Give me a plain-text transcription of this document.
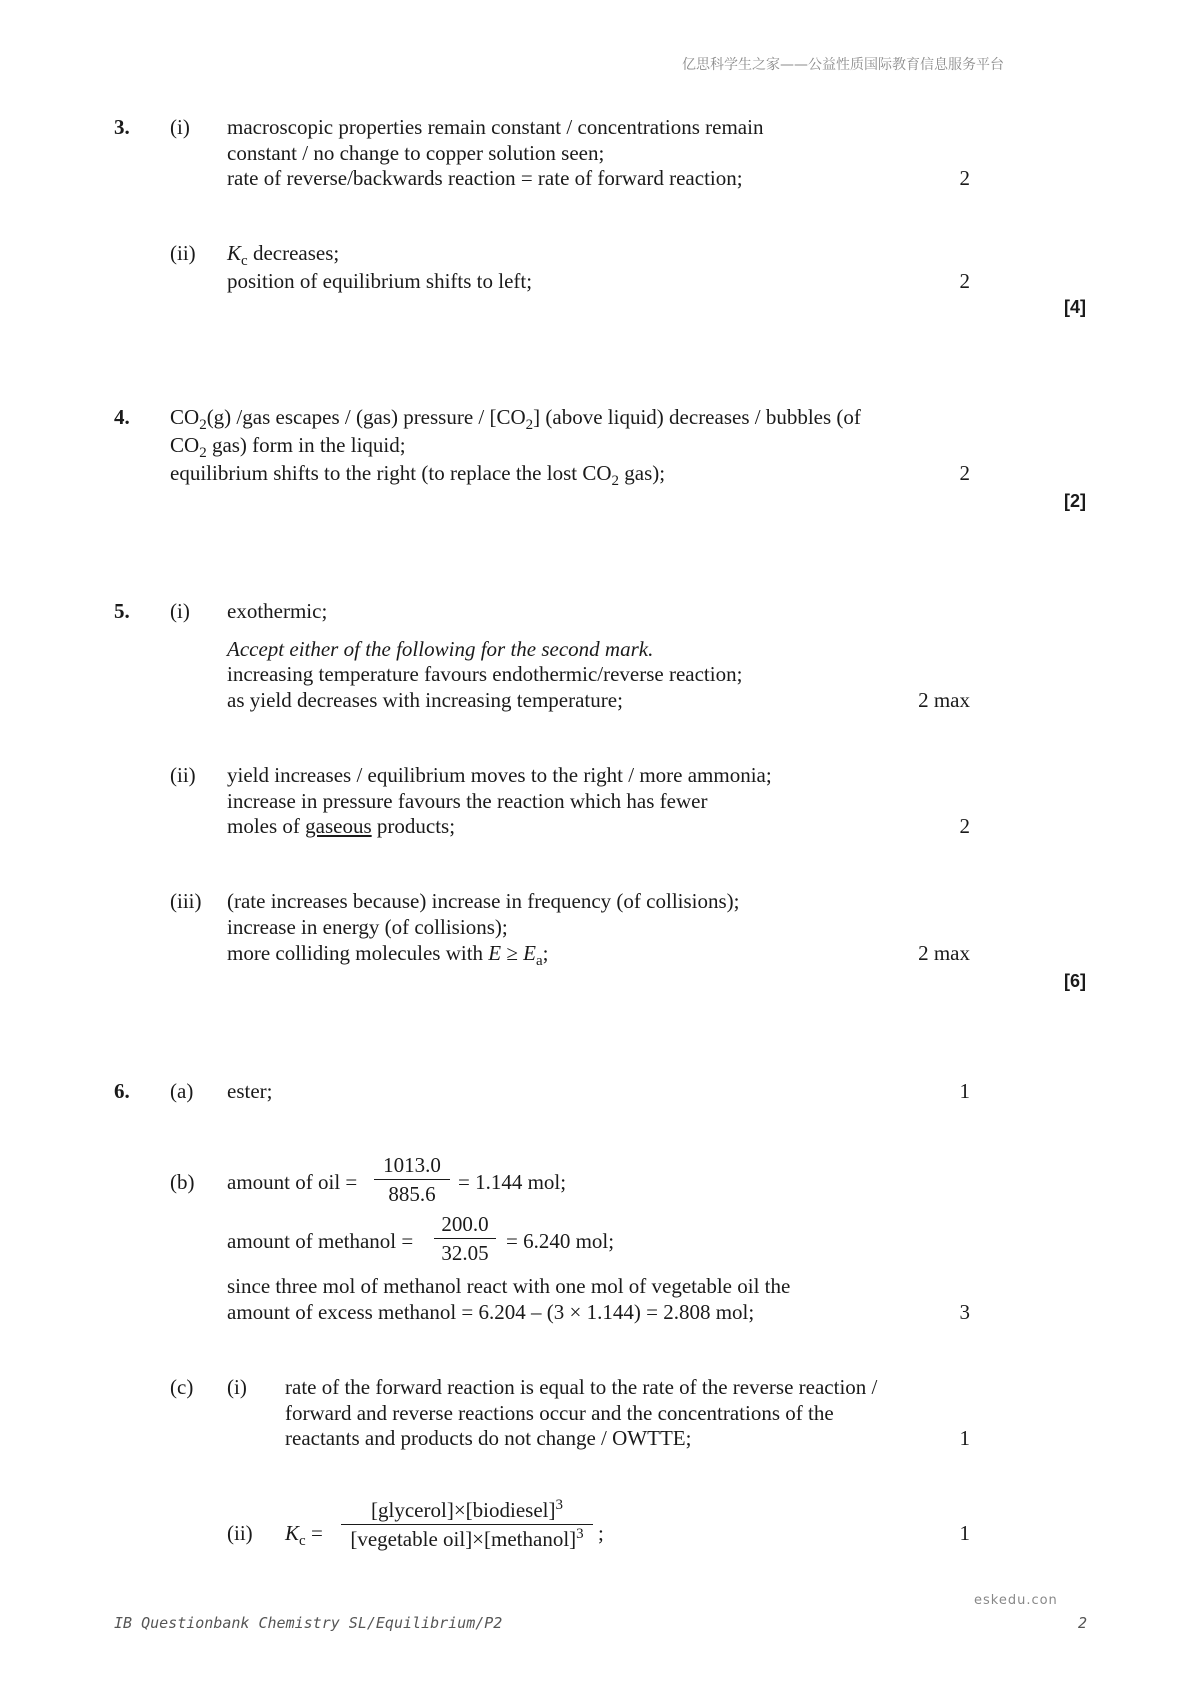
亿思科学生之家——公益性质国际教育信息服务平台
3. (i) macroscopic properties remain constant / concentrations remain
constant / no change to copper solution seen;
rate of reverse/backwards reaction = rate of forward reaction;	2
(ii) $K_c$ decreases;
position of equilibrium shifts to left;	2
[4]
4. $CO_2(g)$ /gas escapes / (gas) pressure / $[CO_2]$ (above liquid) decreases / bubbles (of
$CO_2$ gas) form in the liquid;
equilibrium shifts to the right (to replace the lost $CO_2$ gas);	2
[2]
5. (i) exothermic;
Accept either of the following for the second mark.
increasing temperature favours endothermic/reverse reaction;
as yield decreases with increasing temperature;	2 max
(ii) yield increases / equilibrium moves to the right / more ammonia;
increase in pressure favours the reaction which has fewer
moles of gaseous products;	2
(iii) (rate increases because) increase in frequency (of collisions);
increase in energy (of collisions);
more colliding molecules with $E \ge E_a$;	2 max
[6]
6. (a) ester;	1
(b) amount of oil =
1013.0
885.6	= 1.144 mol;
amount of methanol =
200.0
32.05 = 6.240 mol;
since three mol of methanol react with one mol of vegetable oil the
amount of excess methanol = 6.204 – (3 × 1.144) = 2.808 mol;	3
(c) (i) rate of the forward reaction is equal to the rate of the reverse reaction /
forward and reverse reactions occur and the concentrations of the
reactants and products do not change / OWTTE;	1
(ii) $K_c$ =
[glycerol]×[biodiesel]$^3$
[vegetable oil]×[methanol]$^3$ ;	1
eskedu.con
IB Questionbank Chemistry SL/Equilibrium/P2	2
